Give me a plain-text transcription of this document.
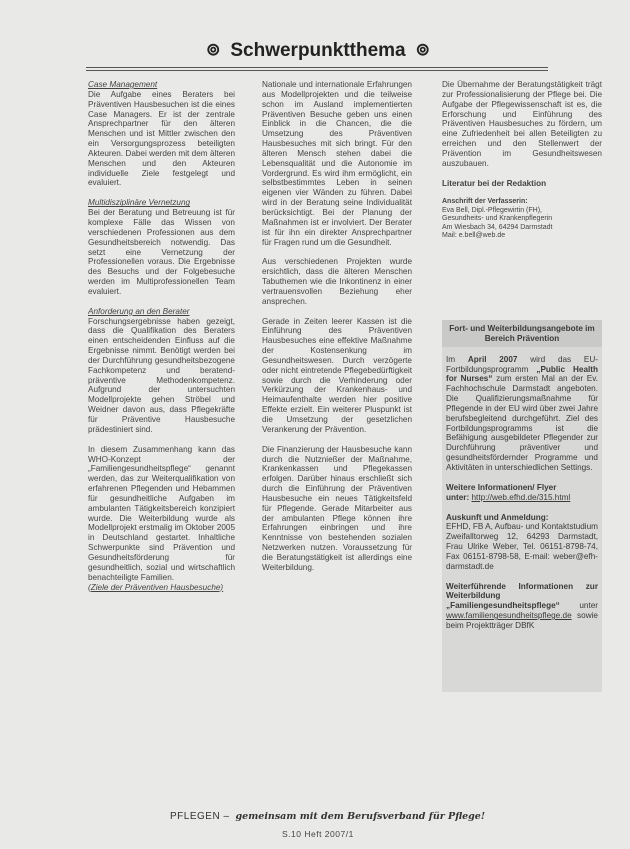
⊚ Schwerpunktthema ⊚
Case Management

Die Aufgabe eines Beraters bei Präventiven Hausbesuchen ist die eines Case Managers. Er ist der zentrale Ansprechpartner für den älteren Menschen und ist Mittler zwischen den ein Versorgungsprozess beteiligten Akteuren. Dabei werden mit dem älteren Menschen und den Akteuren individuelle Ziele festgelegt und evaluiert.

Multidisziplinäre Vernetzung

Bei der Beratung und Betreuung ist für komplexe Fälle das Wissen von verschiedenen Professionen aus dem Gesundheitsbereich notwendig. Das setzt eine Vernetzung der Professionellen voraus. Die Ergebnisse des Besuchs und der Folgebesuche werden im Multiprofessionellen Team evaluiert.

Anforderung an den Berater

Forschungsergebnisse haben gezeigt, dass die Qualifikation des Beraters einen entscheidenden Einfluss auf die Ergebnisse nimmt. Benötigt werden bei der Durchführung gesundheitsbezogene Fachkompetenz und beratend-präventive Methodenkompetenz. Aufgrund der untersuchten Modellprojekte gehen Ströbel und Weidner davon aus, dass Pflegekräfte für Präventive Hausbesuche prädestiniert sind.

In diesem Zusammenhang kann das WHO-Konzept der „Familiengesundheitspflege“ genannt werden, das zur Weiterqualifikation von erfahrenen Pflegenden und Hebammen für gesundheitliche Aufgaben im ambulanten Tätigkeitsbereich konzipiert wurde. Die Weiterbildung wurde als Modellprojekt erstmalig im Oktober 2005 in Deutschland gestartet. Inhaltliche Schwerpunkte sind Prävention und Gesundheitsförderung für gesundheitlich, sozial und wirtschaftlich benachteiligte Familien.

(Ziele der Präventiven Hausbesuche)

Nationale und internationale Erfahrungen aus Modellprojekten und die teilweise schon im Ausland implementierten Präventiven Besuche geben uns einen Einblick in die Chancen, die die Umsetzung des Präventiven Hausbesuches mit sich bringt. Für den älteren Mensch stehen dabei die Lebensqualität und die Autonomie im Vordergrund. Es wird ihm ermöglicht, ein selbstbestimmtes Leben in seinen eigenen vier Wänden zu führen. Dabei wird in der Beratung seine Individualität berücksichtigt. Bei der Planung der Maßnahmen ist er involviert. Der Berater ist für ihn ein direkter Ansprechpartner für Fragen rund um die Gesundheit.

Aus verschiedenen Projekten wurde ersichtlich, dass die älteren Menschen Tabuthemen wie die Inkontinenz in einer vertrauensvollen Beziehung eher ansprechen.

Gerade in Zeiten leerer Kassen ist die Einführung des Präventiven Hausbesuches eine effektive Maßnahme der Kostensenkung im Gesundheitswesen. Durch verzögerte oder nicht eintretende Pflegebedürftigkeit sowie durch die Verhinderung oder Verkürzung der Krankenhaus- und Heimaufenthalte werden hier positive Effekte erzielt. Ein weiterer Pluspunkt ist die Umsetzung der gesetzlichen Verankerung der Prävention.

Die Finanzierung der Hausbesuche kann durch die Nutznießer der Maßnahme, Krankenkassen und Pflegekassen erfolgen. Darüber hinaus erschließt sich durch die Einführung der Präventiven Hausbesuche ein neues Tätigkeitsfeld für Pflegende. Gerade Mitarbeiter aus der ambulanten Pflege können ihre Erfahrungen einbringen und ihre Kenntnisse von bestehenden sozialen Netzwerken nutzen. Voraussetzung für die Beratungstätigkeit ist allerdings eine Weiterbildung.

Die Übernahme der Beratungstätigkeit trägt zur Professionalisierung der Pflege bei. Die Aufgabe der Pflegewissenschaft ist es, die Erforschung und Einführung des Präventiven Hausbesuches zu fördern, um eine Zufriedenheit bei allen Beteiligten zu erreichen und den Stellenwert der Prävention im Gesundheitswesen auszubauen.

Literatur bei der Redaktion

Anschrift der Verfasserin:
Eva Bell, Dipl.-Pflegewirtin (FH),
Gesundheits- und Krankenpflegerin
Am Wiesbach 34, 64294 Darmstadt
Mail: e.bell@web.de
Fort- und Weiterbildungsangebote im Bereich Prävention

Im April 2007 wird das EU-Fortbildungsprogramm „Public Health for Nurses“ zum ersten Mal an der Ev. Fachhochschule Darmstadt angeboten. Die Qualifizierungsmaßnahme für Pflegende in der EU wird über zwei Jahre berufsbegleitend durchgeführt. Ziel des Fortbildungsprogramms ist die Befähigung ausgebildeter Pflegender zur Durchführung präventiver und gesundheitsfördernder Programme und Aktivitäten in unterschiedlichen Settings.

Weitere Informationen/ Flyer
unter: http://web.efhd.de/315.html

Auskunft und Anmeldung:
EFHD, FB A, Aufbau- und Kontaktstudium Zweifalltorweg 12, 64293 Darmstadt, Frau Ulrike Weber, Tel. 06151-8798-74, Fax 06151-8798-58, E-mail: weber@efh-darmstadt.de

Weiterführende Informationen zur Weiterbildung „Familiengesundheitspflege“ unter www.familiengesundheitspflege.de sowie beim Projektträger DBfK

PFLEGEN – gemeinsam mit dem Berufsverband für Pflege!
S.10 Heft 2007/1
